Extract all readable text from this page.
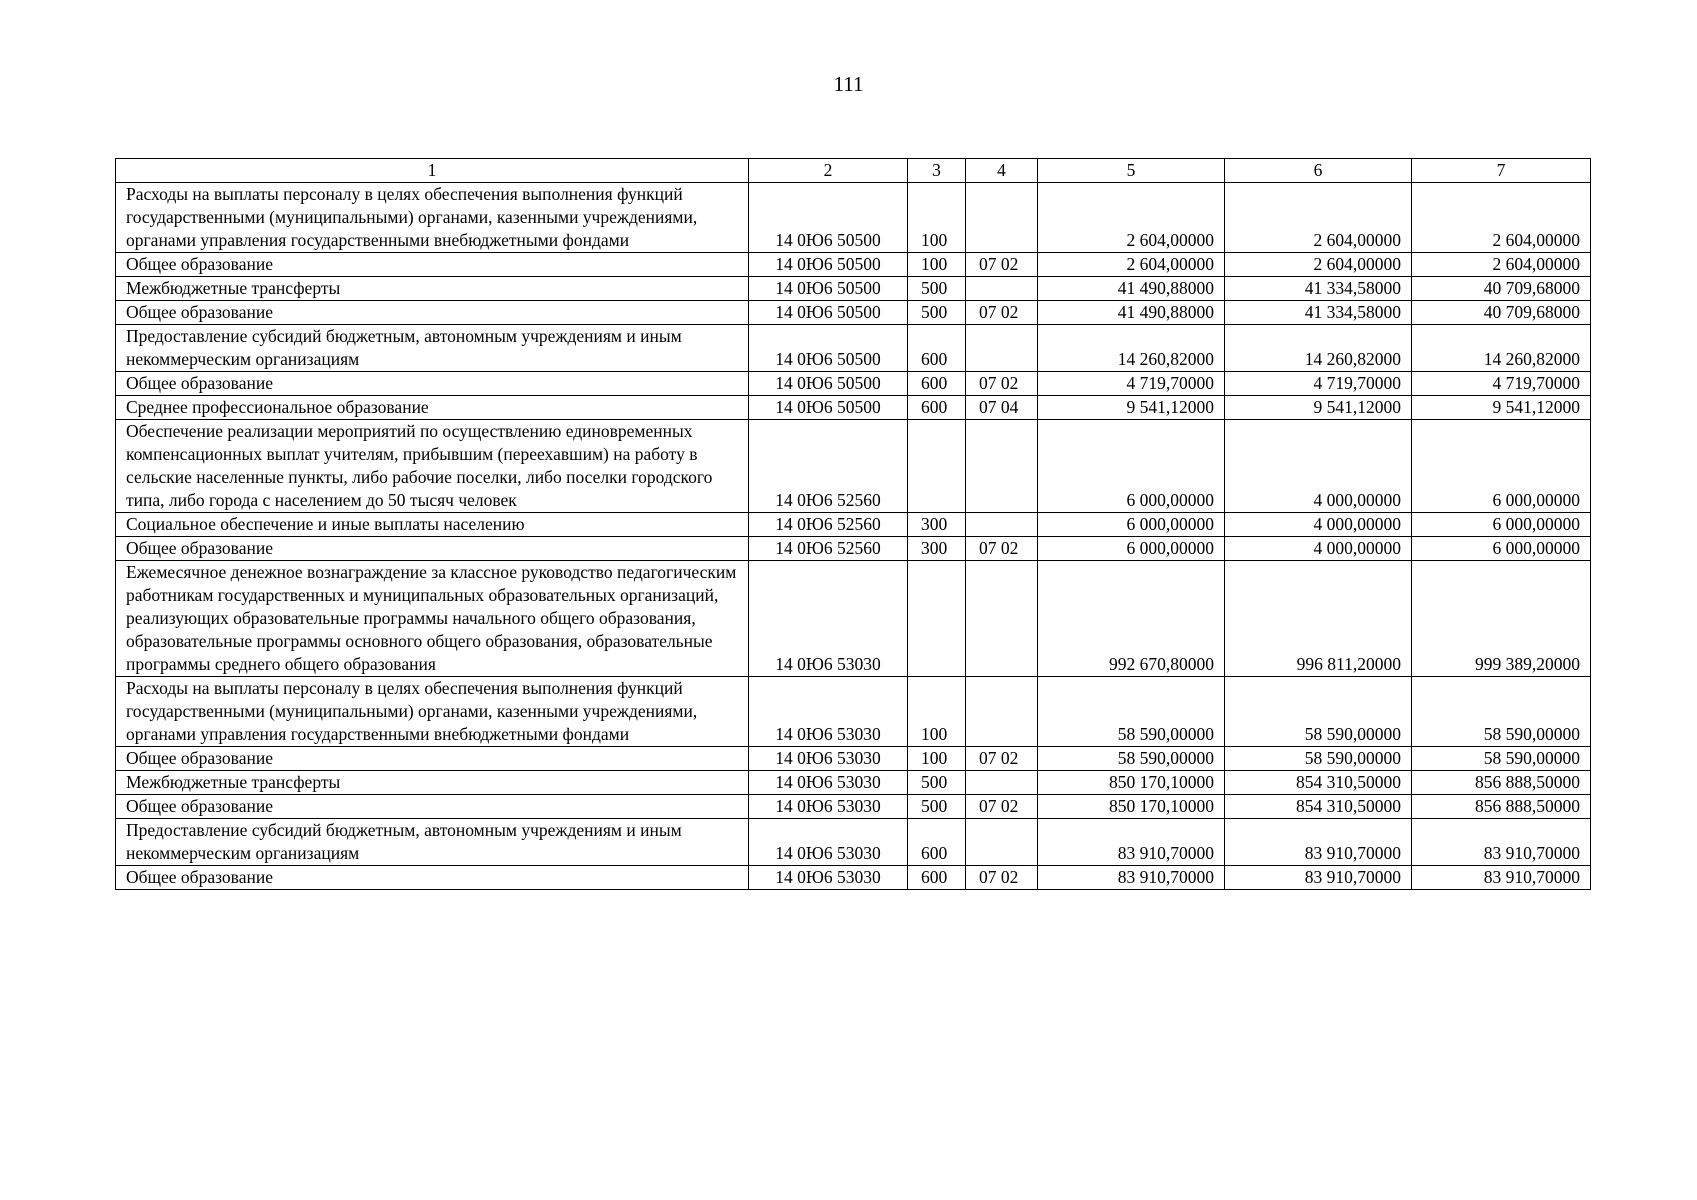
111
1	2	3	4	5	6	7
Расходы на выплаты персоналу в целях обеспечения выполнения функций государственными (муниципальными) органами, казенными учреждениями, органами управления государственными внебюджетными фондами	14 0Ю6 50500	100		2 604,00000	2 604,00000	2 604,00000
Общее образование	14 0Ю6 50500	100	07 02	2 604,00000	2 604,00000	2 604,00000
Межбюджетные трансферты	14 0Ю6 50500	500		41 490,88000	41 334,58000	40 709,68000
Общее образование	14 0Ю6 50500	500	07 02	41 490,88000	41 334,58000	40 709,68000
Предоставление субсидий бюджетным, автономным учреждениям и иным некоммерческим организациям	14 0Ю6 50500	600		14 260,82000	14 260,82000	14 260,82000
Общее образование	14 0Ю6 50500	600	07 02	4 719,70000	4 719,70000	4 719,70000
Среднее профессиональное образование	14 0Ю6 50500	600	07 04	9 541,12000	9 541,12000	9 541,12000
Обеспечение реализации мероприятий по осуществлению единовременных компенсационных выплат учителям, прибывшим (переехавшим) на работу в сельские населенные пункты, либо рабочие поселки, либо поселки городского типа, либо города с населением до 50 тысяч человек	14 0Ю6 52560			6 000,00000	4 000,00000	6 000,00000
Социальное обеспечение и иные выплаты населению	14 0Ю6 52560	300		6 000,00000	4 000,00000	6 000,00000
Общее образование	14 0Ю6 52560	300	07 02	6 000,00000	4 000,00000	6 000,00000
Ежемесячное денежное вознаграждение за классное руководство педагогическим работникам государственных и муниципальных образовательных организаций, реализующих образовательные программы начального общего образования, образовательные программы основного общего образования, образовательные программы среднего общего образования	14 0Ю6 53030			992 670,80000	996 811,20000	999 389,20000
Расходы на выплаты персоналу в целях обеспечения выполнения функций государственными (муниципальными) органами, казенными учреждениями, органами управления государственными внебюджетными фондами	14 0Ю6 53030	100		58 590,00000	58 590,00000	58 590,00000
Общее образование	14 0Ю6 53030	100	07 02	58 590,00000	58 590,00000	58 590,00000
Межбюджетные трансферты	14 0Ю6 53030	500		850 170,10000	854 310,50000	856 888,50000
Общее образование	14 0Ю6 53030	500	07 02	850 170,10000	854 310,50000	856 888,50000
Предоставление субсидий бюджетным, автономным учреждениям и иным некоммерческим организациям	14 0Ю6 53030	600		83 910,70000	83 910,70000	83 910,70000
Общее образование	14 0Ю6 53030	600	07 02	83 910,70000	83 910,70000	83 910,70000
